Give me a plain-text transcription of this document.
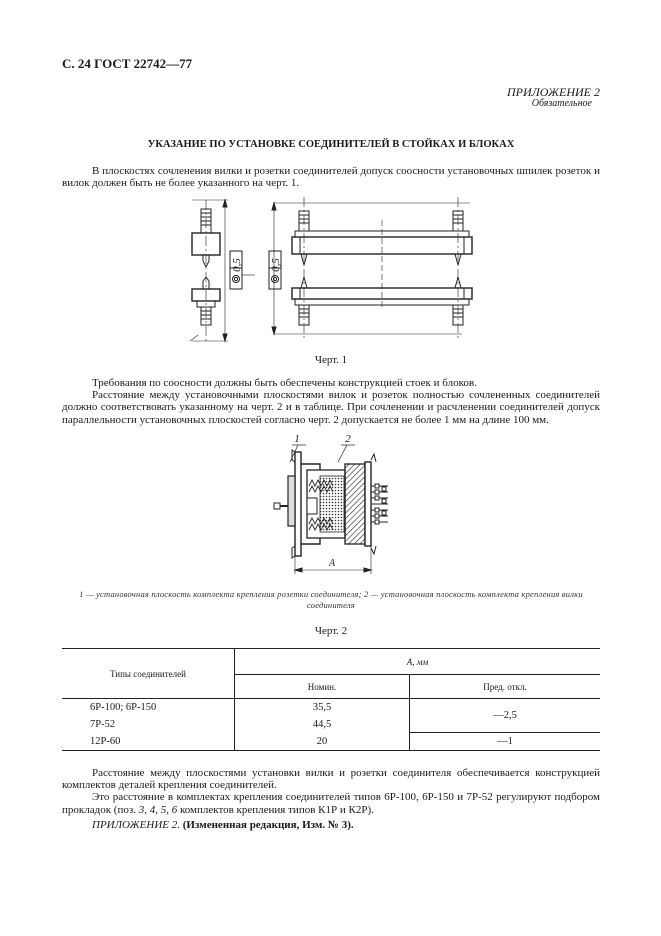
С. 24 ГОСТ 22742—77
ПРИЛОЖЕНИЕ 2
Обязательное
УКАЗАНИЕ ПО УСТАНОВКЕ СОЕДИНИТЕЛЕЙ В СТОЙКАХ И БЛОКАХ

В плоскостях сочленения вилки и розетки соединителей допуск соосности установочных шпилек розеток и вилок должен быть не более указанного на черт. 1.

0,5 0,5
Черт. 1

Требования по соосности должны быть обеспечены конструкцией стоек и блоков.

Расстояние между установочными плоскостями вилок и розеток полностью сочлененных соединителей должно соответствовать указанному на черт. 2 и в таблице. При сочленении и расчленении соединителей допуск параллельности установочных плоскостей согласно черт. 2 допускается не более 1 мм на длине 100 мм.

1	2
A
1 — установочная плоскость комплекта крепления розетки соединителя; 2 — установочная плоскость комплекта крепления вилки соединителя
Черт. 2
Типы соединителей	А, мм	
	Номин.	Пред. откл.
6Р-100; 6Р-150	35,5	—2,5
7Р-52	44,5	
12Р-60	20	—1

Расстояние между плоскостями установки вилки и розетки соединителя обеспечивается конструкцией комплектов деталей крепления соединителей.

Это расстояние в комплектах крепления соединителей типов 6Р-100, 6Р-150 и 7Р-52 регулируют подбором прокладок (поз. 3, 4, 5, 6 комплектов крепления типов К1Р и К2Р).

ПРИЛОЖЕНИЕ 2. (Измененная редакция, Изм. № 3).
